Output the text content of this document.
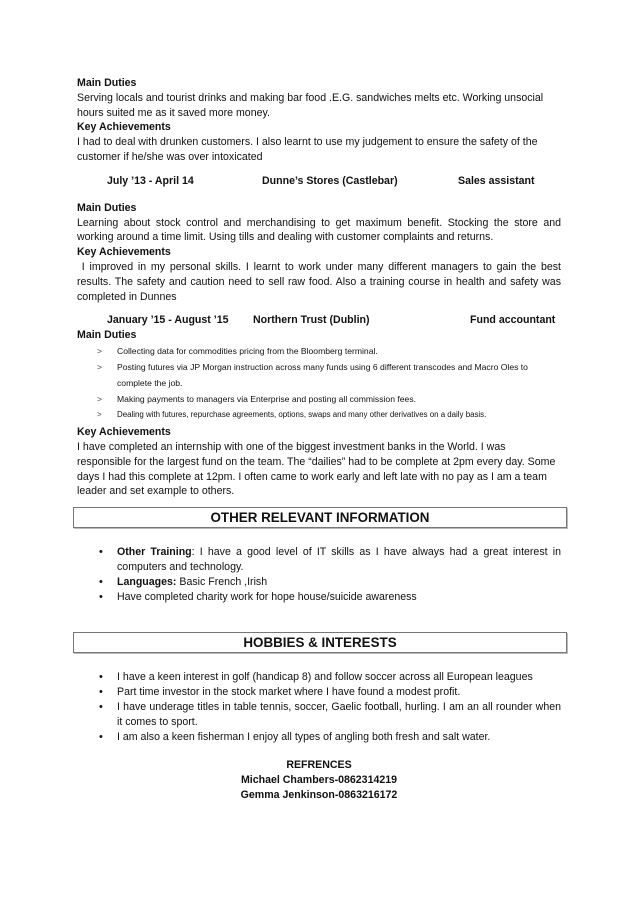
Main Duties
Serving locals and tourist drinks and making bar food .E.G. sandwiches melts etc. Working unsocial hours suited me as it saved more money.
Key Achievements
I had to deal with drunken customers. I also learnt to use my judgement to ensure the safety of the customer if he/she was over intoxicated
July ’13 - April 14	Dunne’s Stores (Castlebar)	Sales assistant
Main Duties
Learning about stock control and merchandising to get maximum benefit. Stocking the store and working around a time limit. Using tills and dealing with customer complaints and returns.
Key Achievements
I improved in my personal skills. I learnt to work under many different managers to gain the best results. The safety and caution need to sell raw food. Also a training course in health and safety was completed in Dunnes
January ’15 - August ’15 Northern Trust (Dublin)	Fund accountant
Main Duties
> Collecting data for commodities pricing from the Bloomberg terminal.
> Posting futures via JP Morgan instruction across many funds using 6 different transcodes and Macro Oles to complete the job.
> Making payments to managers via Enterprise and posting all commission fees.
> Dealing with futures, repurchase agreements, options, swaps and many other derivatives on a daily basis.
Key Achievements
I have completed an internship with one of the biggest investment banks in the World. I was responsible for the largest fund on the team. The “dailies” had to be complete at 2pm every day. Some days I had this complete at 12pm. I often came to work early and left late with no pay as I am a team leader and set example to others.
OTHER RELEVANT INFORMATION
• Other Training: I have a good level of IT skills as I have always had a great interest in computers and technology.
• Languages: Basic French ,Irish
• Have completed charity work for hope house/suicide awareness
HOBBIES & INTERESTS
• I have a keen interest in golf (handicap 8) and follow soccer across all European leagues
• Part time investor in the stock market where I have found a modest profit.
• I have underage titles in table tennis, soccer, Gaelic football, hurling. I am an all rounder when it comes to sport.
• I am also a keen fisherman I enjoy all types of angling both fresh and salt water.
REFRENCES
Michael Chambers-0862314219
Gemma Jenkinson-0863216172
